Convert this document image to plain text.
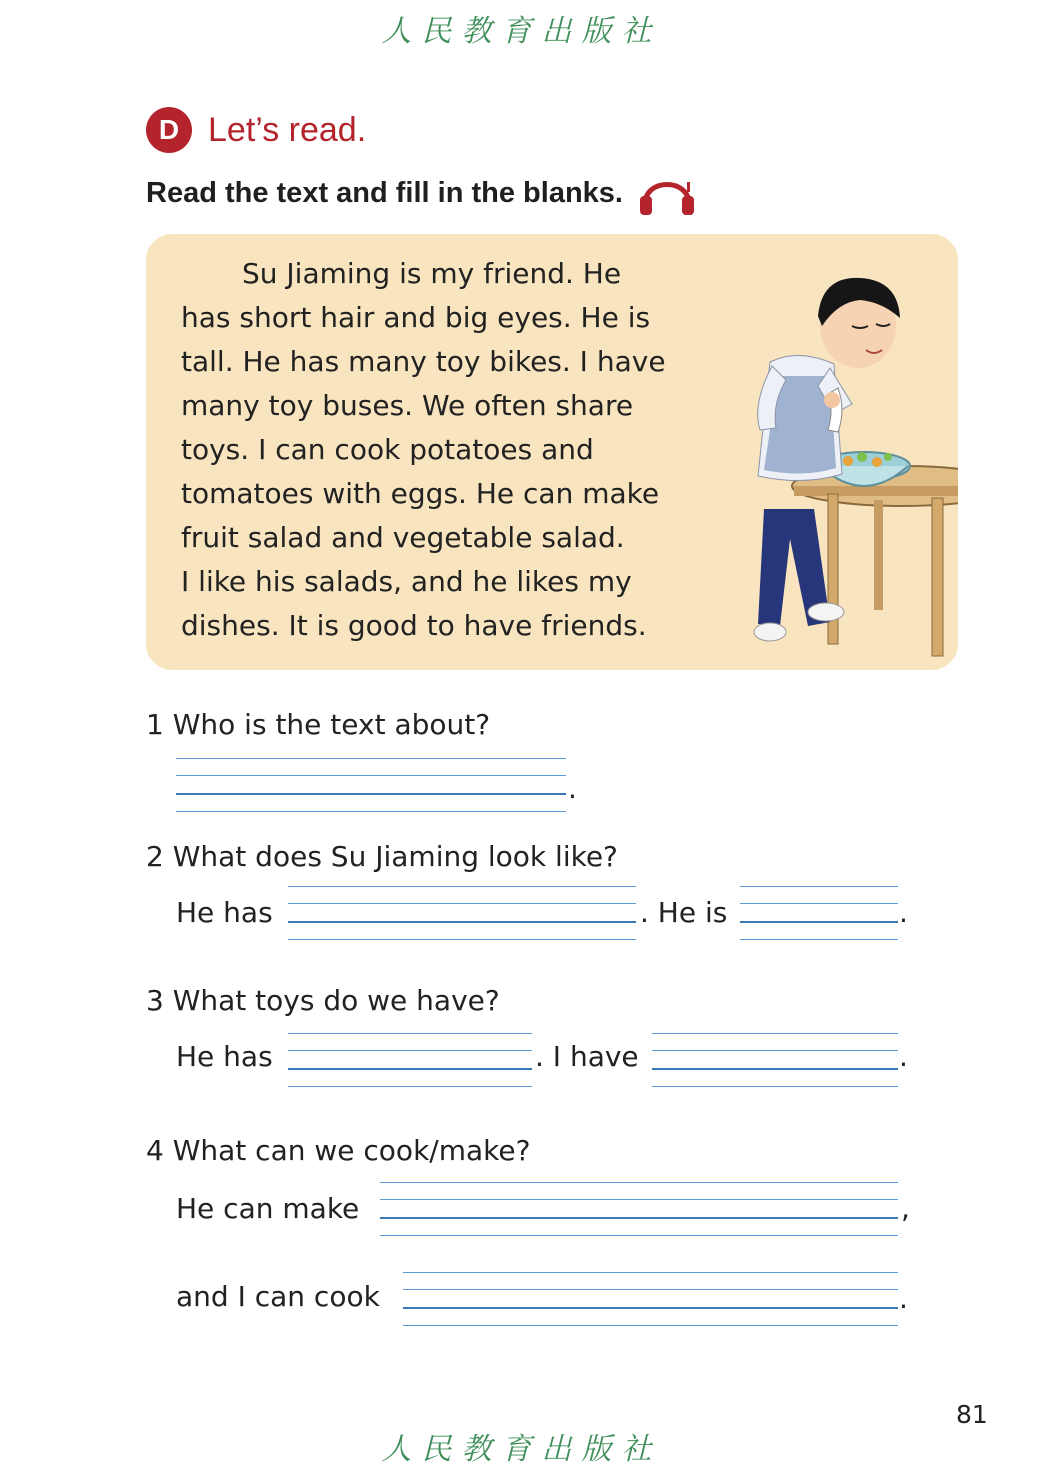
人民教育出版社
D Let’s read.
Read the text and fill in the blanks.
Su Jiaming is my friend. He
has short hair and big eyes. He is
tall. He has many toy bikes. I have
many toy buses. We often share
toys. I can cook potatoes and
tomatoes with eggs. He can make
fruit salad and vegetable salad.
I like his salads, and he likes my
dishes. It is good to have friends.
1 Who is the text about?
.
2 What does Su Jiaming look like?
He has	. He is	.
3 What toys do we have?
He has	. I have	.
4 What can we cook/make?
He can make	,
and I can cook	.
81
人民教育出版社
